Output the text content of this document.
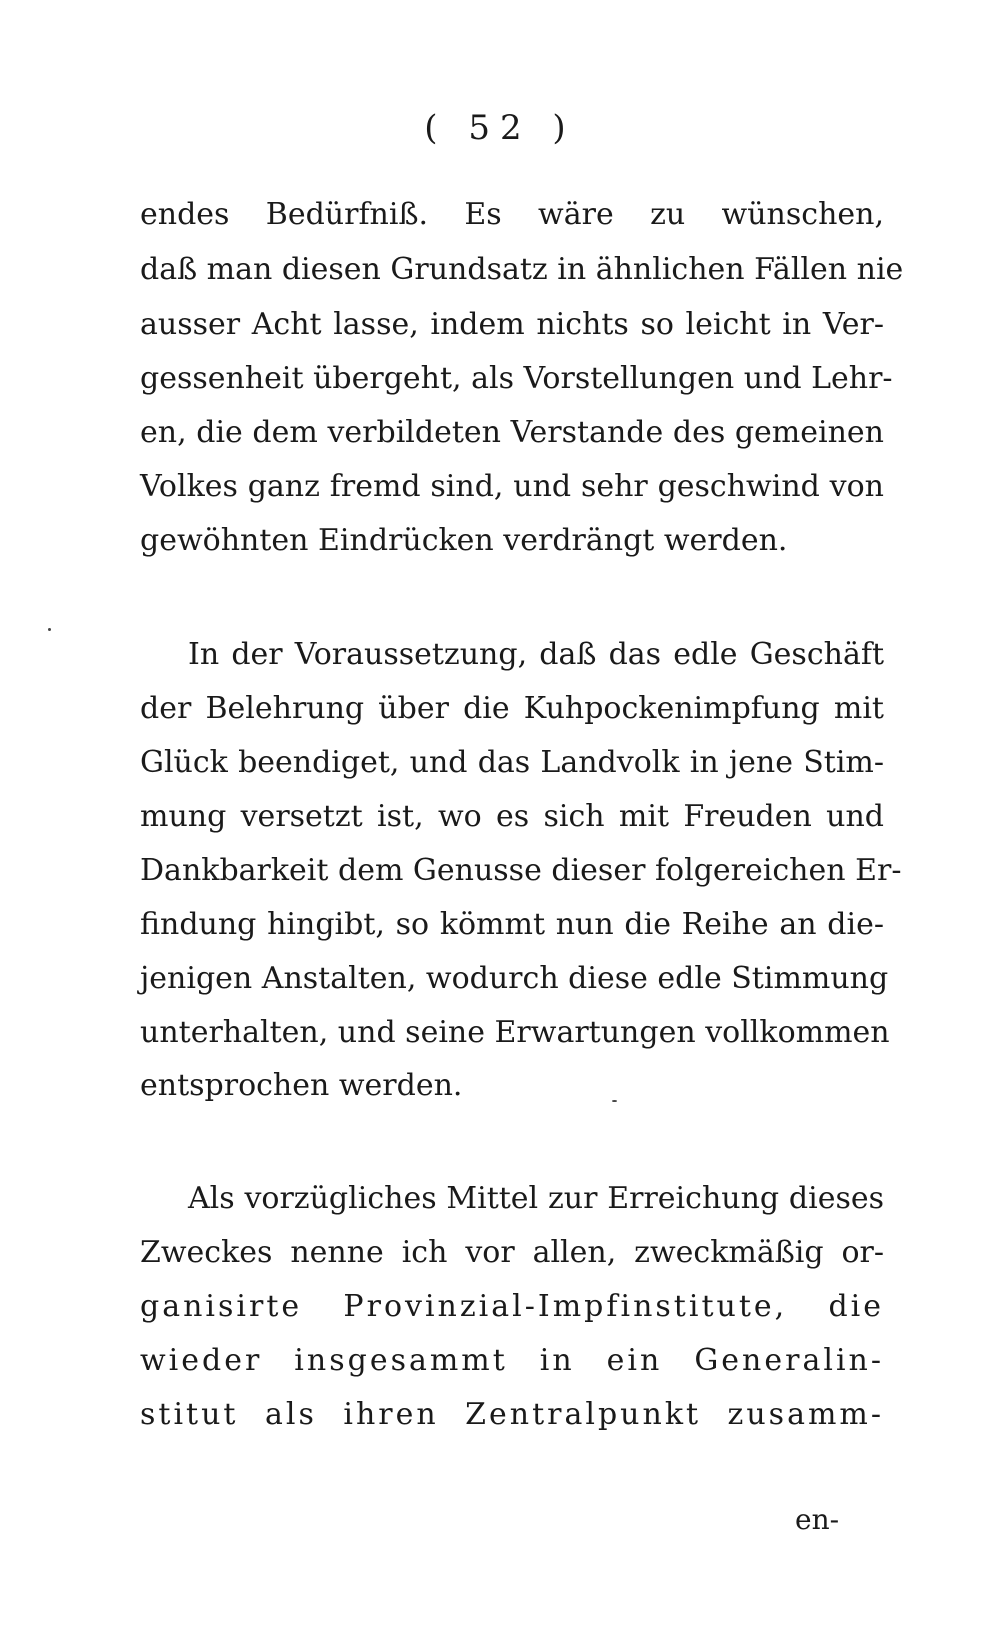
( 52 )
endes Bedürfniß. Es wäre zu wünschen,
daß man diesen Grundsatz in ähnlichen Fällen nie
ausser Acht lasse, indem nichts so leicht in Ver-
gessenheit übergeht, als Vorstellungen und Lehr-
en, die dem verbildeten Verstande des gemeinen
Volkes ganz fremd sind, und sehr geschwind von
gewöhnten Eindrücken verdrängt werden.
In der Voraussetzung, daß das edle Geschäft
der Belehrung über die Kuhpockenimpfung mit
Glück beendiget, und das Landvolk in jene Stim-
mung versetzt ist, wo es sich mit Freuden und
Dankbarkeit dem Genusse dieser folgereichen Er-
findung hingibt, so kömmt nun die Reihe an die-
jenigen Anstalten, wodurch diese edle Stimmung
unterhalten, und seine Erwartungen vollkommen
entsprochen werden.
Als vorzügliches Mittel zur Erreichung dieses
Zweckes nenne ich vor allen, zweckmäßig or-
ganisirte Provinzial-Impfinstitute, die
wieder insgesammt in ein Generalin-
stitut als ihren Zentralpunkt zusamm-
en-
